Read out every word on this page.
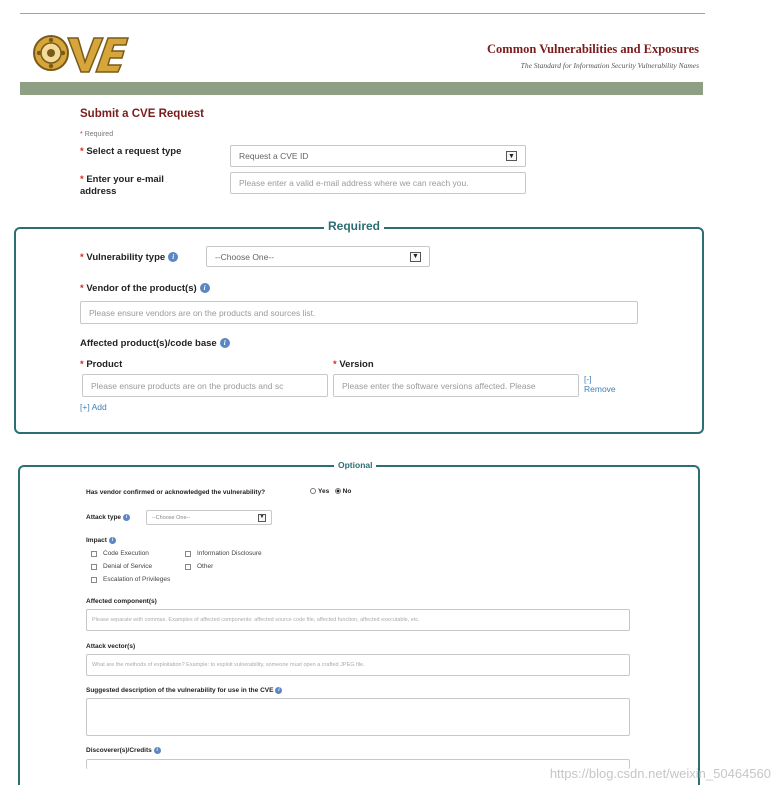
Common Vulnerabilities and Exposures
The Standard for Information Security Vulnerability Names
Submit a CVE Request
* Required
* Select a request type	Request a CVE ID	▼
* Enter your e-mail address
Please enter a valid e-mail address where we can reach you.
Required
* Vulnerability type i	--Choose One--	▼
* Vendor of the product(s) i
Please ensure vendors are on the products and sources list.
Affected product(s)/code base i
* Product
Please ensure products are on the products and sc
* Version
Please enter the software versions affected. Please
[-]
Remove
[+] Add
Optional
Has vendor confirmed or acknowledged the vulnerability?	Yes No
Attack type i	--Choose One--	▼
Impact i
Code Execution	Information Disclosure
Denial of Service	Other
Escalation of Privileges
Affected component(s)
Please separate with commas. Examples of affected components: affected source code file, affected function, affected executable, etc.
Attack vector(s)
What are the methods of exploitation? Example: to exploit vulnerability, someone must open a crafted JPEG file.
Suggested description of the vulnerability for use in the CVE i
Discoverer(s)/Credits i
https://blog.csdn.net/weixin_50464560
